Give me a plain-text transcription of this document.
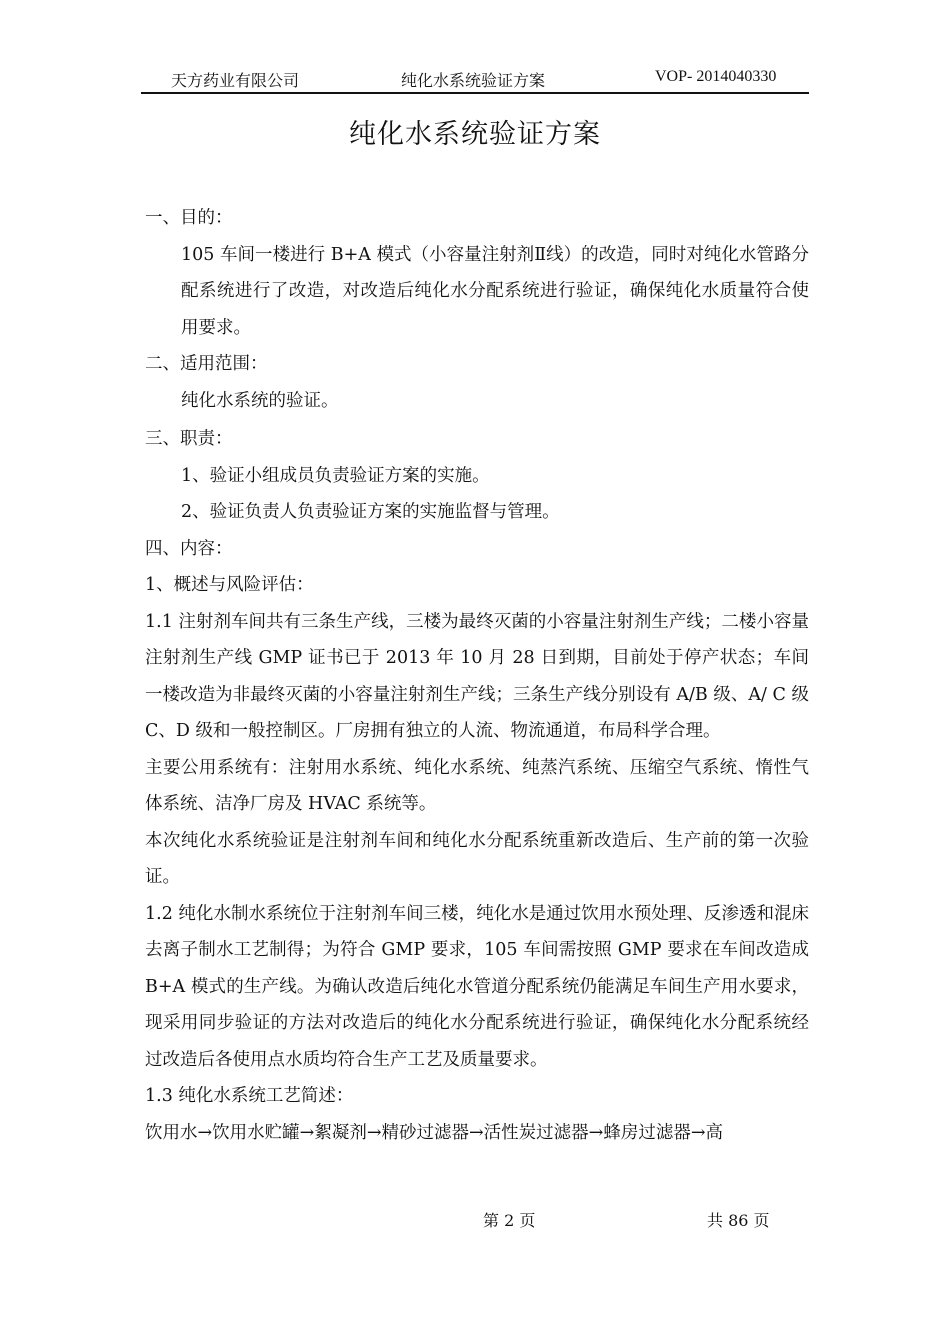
天方药业有限公司	纯化水系统验证方案	VOP- 2014040330
纯化水系统验证方案

一、目的：

105 车间一楼进行 B+A 模式（小容量注射剂Ⅱ线）的改造，同时对纯化水管路分配系统进行了改造，对改造后纯化水分配系统进行验证，确保纯化水质量符合使用要求。

二、适用范围：

纯化水系统的验证。

三、职责：

1、验证小组成员负责验证方案的实施。

2、验证负责人负责验证方案的实施监督与管理。

四、内容：

1、概述与风险评估：

1.1 注射剂车间共有三条生产线，三楼为最终灭菌的小容量注射剂生产线；二楼小容量注射剂生产线 GMP 证书已于 2013 年 10 月 28 日到期，目前处于停产状态；车间一楼改造为非最终灭菌的小容量注射剂生产线；三条生产线分别设有 A/B 级、A/ C 级 C、D 级和一般控制区。厂房拥有独立的人流、物流通道，布局科学合理。

主要公用系统有：注射用水系统、纯化水系统、纯蒸汽系统、压缩空气系统、惰性气体系统、洁净厂房及 HVAC 系统等。

本次纯化水系统验证是注射剂车间和纯化水分配系统重新改造后、生产前的第一次验证。

1.2 纯化水制水系统位于注射剂车间三楼，纯化水是通过饮用水预处理、反渗透和混床去离子制水工艺制得；为符合 GMP 要求，105 车间需按照 GMP 要求在车间改造成 B+A 模式的生产线。为确认改造后纯化水管道分配系统仍能满足车间生产用水要求，现采用同步验证的方法对改造后的纯化水分配系统进行验证，确保纯化水分配系统经过改造后各使用点水质均符合生产工艺及质量要求。

1.3 纯化水系统工艺简述：

饮用水→饮用水贮罐→絮凝剂→精砂过滤器→活性炭过滤器→蜂房过滤器→高

第 2 页	共 86 页
